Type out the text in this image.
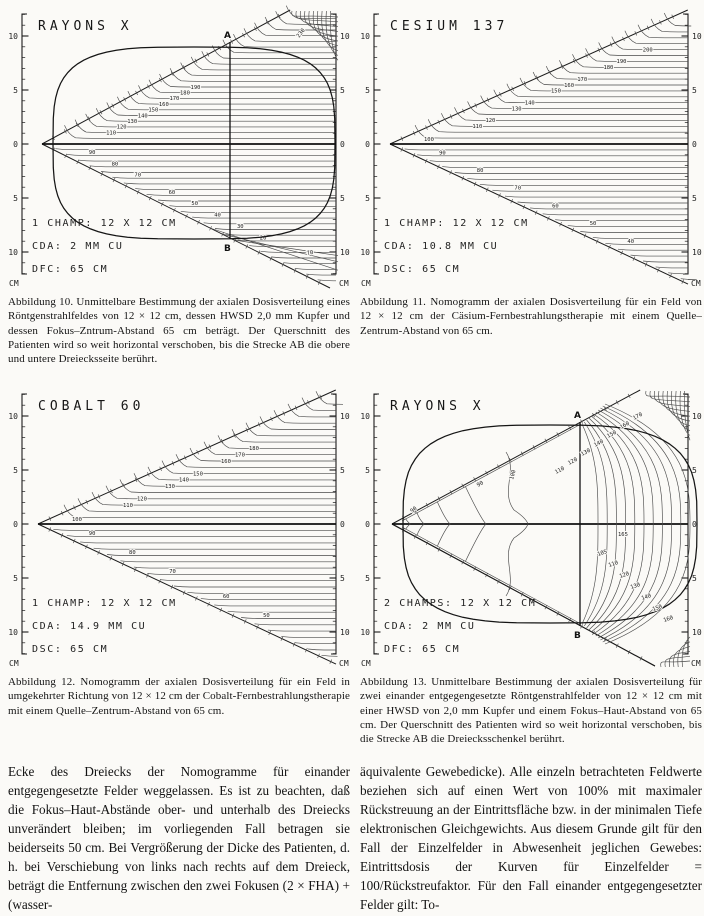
10
5
0
5
10
CM
10
5
0
5
10
CM
RAYONS X
1 CHAMP: 12 X 12 CM
CDA: 2 MM CU
DFC: 65 CM
110
120
130
140
150
160
170
180
190
90
80
70
60
50
40
30
20
A
B
230
70
Abbildung 10. Unmittelbare Bestimmung der axialen Dosisverteilung eines Röntgenstrahlfeldes von 12 × 12 cm, dessen HWSD 2,0 mm Kupfer und dessen Fokus–Zntrum-Abstand 65 cm beträgt. Der Querschnitt des Patienten wird so weit horizontal verschoben, bis die Strecke AB die obere und untere Dreiecksseite berührt.
10
5
0
5
10
CM
10
5
0
5
10
CM
CESIUM 137
1 CHAMP: 12 X 12 CM
CDA: 10.8 MM CU
DSC: 65 CM
110
120
130
140
150
160
170
180
190
200
90
80
70
60
50
40
100
Abbildung 11. Nomogramm der axialen Dosisverteilung für ein Feld von 12 × 12 cm der Cäsium-Fernbestrahlungstherapie mit einem Quelle–Zentrum-Abstand von 65 cm.
10
5
0
5
10
CM
10
5
0
5
10
CM
COBALT 60
1 CHAMP: 12 X 12 CM
CDA: 14.9 MM CU
DSC: 65 CM
110
120
130
140
150
160
170
180
90
80
70
60
50
100
Abbildung 12. Nomogramm der axialen Dosisverteilung für ein Feld in umgekehrter Richtung von 12 × 12 cm der Cobalt-Fernbestrahlungstherapie mit einem Quelle–Zentrum-Abstand von 65 cm.
10
5
0
5
10
CM
10
5
0
5
10
CM
RAYONS X
2 CHAMPS: 12 X 12 CM
CDA: 2 MM CU
DFC: 65 CM
A
B
110
120
130
140
150
160
170
105
110
120
130
140
150
160
165
100
90
90
Abbildung 13. Unmittelbare Bestimmung der axialen Dosisverteilung für zwei einander entgegengesetzte Röntgenstrahlfelder von 12 × 12 cm mit einer HWSD von 2,0 mm Kupfer und einem Fokus–Haut-Abstand von 65 cm. Der Querschnitt des Patienten wird so weit horizontal verschoben, bis die Strecke AB die Dreiecksschenkel berührt.

Ecke des Dreiecks der Nomogramme für einander entgegengesetzte Felder weggelassen. Es ist zu beachten, daß die Fokus–Haut-Abstände ober- und unterhalb des Dreiecks unverändert bleiben; im vorliegenden Fall betragen sie beiderseits 50 cm. Bei Vergrößerung der Dicke des Patienten, d. h. bei Verschiebung von links nach rechts auf dem Dreieck, beträgt die Entfernung zwischen den zwei Fokusen (2 × FHA) + (wasser-

äquivalente Gewebedicke). Alle einzeln betrachteten Feldwerte beziehen sich auf einen Wert von 100% mit maximaler Rückstreuung an der Eintrittsfläche bzw. in der minimalen Tiefe elektronischen Gleichgewichts. Aus diesem Grunde gilt für den Fall der Einzelfelder in Abwesenheit jeglichen Gewebes: Eintrittsdosis der Kurven für Einzelfelder = 100/Rückstreufaktor. Für den Fall einander entgegengesetzter Felder gilt: To-
